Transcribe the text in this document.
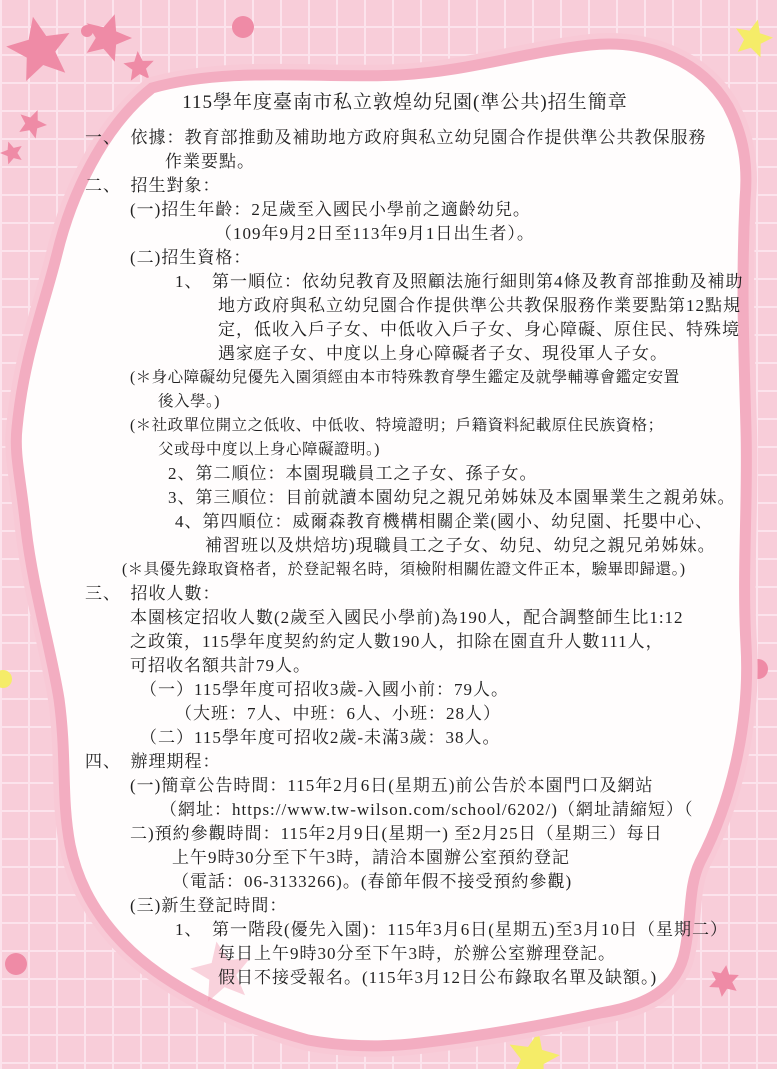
115學年度臺南市私立敦煌幼兒園(準公共)招生簡章
一、　依據：教育部推動及補助地方政府與私立幼兒園合作提供準公共教保服務
作業要點。
二、　招生對象：
(一)招生年齡：2足歲至入國民小學前之適齡幼兒。
（109年9月2日至113年9月1日出生者）。
(二)招生資格：
1、　第一順位：依幼兒教育及照顧法施行細則第4條及教育部推動及補助
地方政府與私立幼兒園合作提供準公共教保服務作業要點第12點規
定，低收入戶子女、中低收入戶子女、身心障礙、原住民、特殊境
遇家庭子女、中度以上身心障礙者子女、現役軍人子女。
(＊身心障礙幼兒優先入園須經由本市特殊教育學生鑑定及就學輔導會鑑定安置
後入學。)
(＊社政單位開立之低收、中低收、特境證明；戶籍資料紀載原住民族資格；
父或母中度以上身心障礙證明。)
2、第二順位：本園現職員工之子女、孫子女。
3、第三順位：目前就讀本園幼兒之親兄弟姊妹及本園畢業生之親弟妹。
4、第四順位：威爾森教育機構相關企業(國小、幼兒園、托嬰中心、
補習班以及烘焙坊)現職員工之子女、幼兒、幼兒之親兄弟姊妹。
(＊具優先錄取資格者，於登記報名時，須檢附相關佐證文件正本，驗畢即歸還。)
三、　招收人數：
本園核定招收人數(2歲至入國民小學前)為190人，配合調整師生比1:12
之政策，115學年度契約約定人數190人，扣除在園直升人數111人，
可招收名額共計79人。
（一）115學年度可招收3歲-入國小前：79人。
（大班：7人、中班：6人、小班：28人）
（二）115學年度可招收2歲-未滿3歲：38人。
四、　辦理期程：
(一)簡章公告時間：115年2月6日(星期五)前公告於本園門口及網站
（網址：https://www.tw-wilson.com/school/6202/)（網址請縮短）（
二)預約參觀時間：115年2月9日(星期一) 至2月25日（星期三）每日
上午9時30分至下午3時，請洽本園辦公室預約登記
（電話：06-3133266)。(春節年假不接受預約參觀)
(三)新生登記時間：
1、　第一階段(優先入園)：115年3月6日(星期五)至3月10日（星期二）
每日上午9時30分至下午3時，於辦公室辦理登記。
假日不接受報名。(115年3月12日公布錄取名單及缺額。)
